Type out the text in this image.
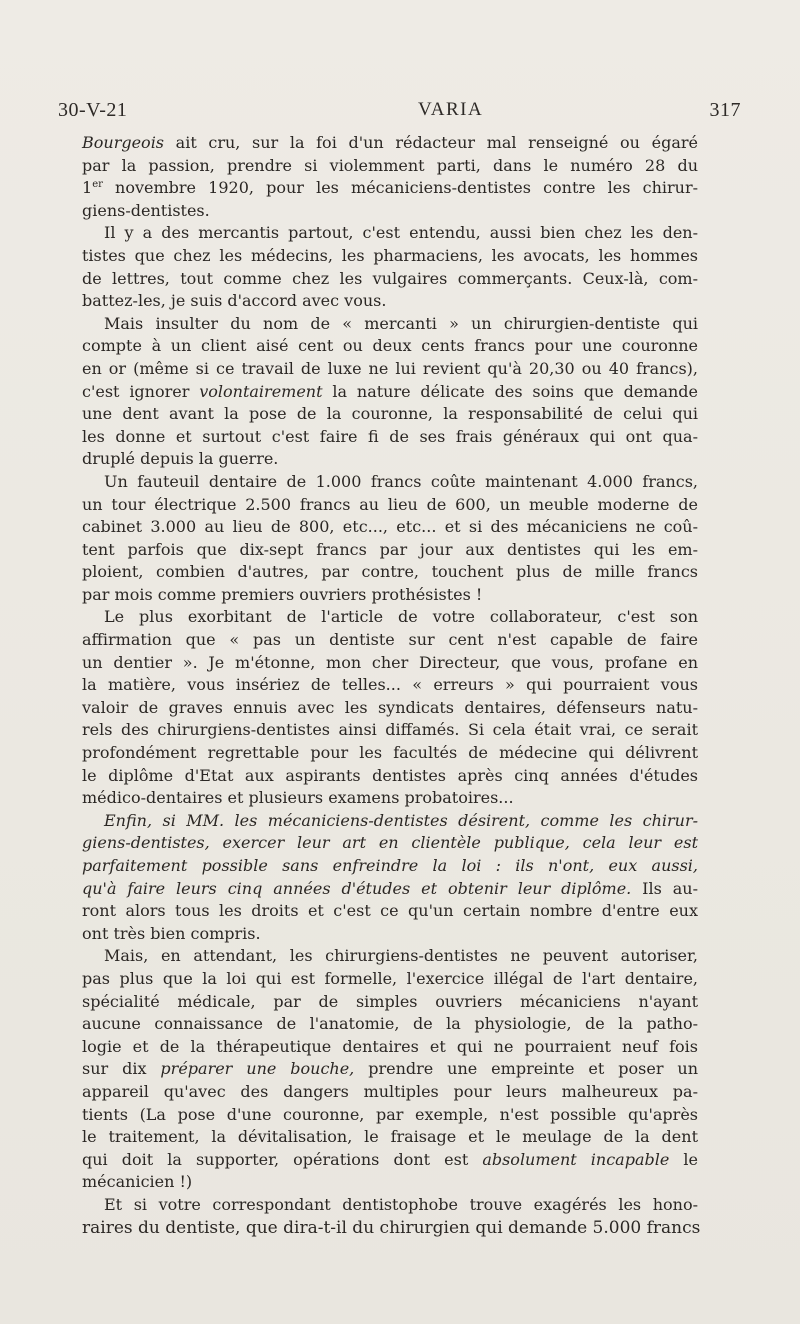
30-V-21	VARIA	317
Bourgeois ait cru, sur la foi d'un rédacteur mal renseigné ou égaré
par la passion, prendre si violemment parti, dans le numéro 28 du
1er novembre 1920, pour les mécaniciens-dentistes contre les chirur-
giens-dentistes.
Il y a des mercantis partout, c'est entendu, aussi bien chez les den-
tistes que chez les médecins, les pharmaciens, les avocats, les hommes
de lettres, tout comme chez les vulgaires commerçants. Ceux-là, com-
battez-les, je suis d'accord avec vous.
Mais insulter du nom de « mercanti » un chirurgien-dentiste qui
compte à un client aisé cent ou deux cents francs pour une couronne
en or (même si ce travail de luxe ne lui revient qu'à 20,30 ou 40 francs),
c'est ignorer volontairement la nature délicate des soins que demande
une dent avant la pose de la couronne, la responsabilité de celui qui
les donne et surtout c'est faire fi de ses frais généraux qui ont qua-
druplé depuis la guerre.
Un fauteuil dentaire de 1.000 francs coûte maintenant 4.000 francs,
un tour électrique 2.500 francs au lieu de 600, un meuble moderne de
cabinet 3.000 au lieu de 800, etc..., etc... et si des mécaniciens ne coû-
tent parfois que dix-sept francs par jour aux dentistes qui les em-
ploient, combien d'autres, par contre, touchent plus de mille francs
par mois comme premiers ouvriers prothésistes !
Le plus exorbitant de l'article de votre collaborateur, c'est son
affirmation que « pas un dentiste sur cent n'est capable de faire
un dentier ». Je m'étonne, mon cher Directeur, que vous, profane en
la matière, vous insériez de telles... « erreurs » qui pourraient vous
valoir de graves ennuis avec les syndicats dentaires, défenseurs natu-
rels des chirurgiens-dentistes ainsi diffamés. Si cela était vrai, ce serait
profondément regrettable pour les facultés de médecine qui délivrent
le diplôme d'Etat aux aspirants dentistes après cinq années d'études
médico-dentaires et plusieurs examens probatoires...
Enfin, si MM. les mécaniciens-dentistes désirent, comme les chirur-
giens-dentistes, exercer leur art en clientèle publique, cela leur est
parfaitement possible sans enfreindre la loi : ils n'ont, eux aussi,
qu'à faire leurs cinq années d'études et obtenir leur diplôme. Ils au-
ront alors tous les droits et c'est ce qu'un certain nombre d'entre eux
ont très bien compris.
Mais, en attendant, les chirurgiens-dentistes ne peuvent autoriser,
pas plus que la loi qui est formelle, l'exercice illégal de l'art dentaire,
spécialité médicale, par de simples ouvriers mécaniciens n'ayant
aucune connaissance de l'anatomie, de la physiologie, de la patho-
logie et de la thérapeutique dentaires et qui ne pourraient neuf fois
sur dix préparer une bouche, prendre une empreinte et poser un
appareil qu'avec des dangers multiples pour leurs malheureux pa-
tients (La pose d'une couronne, par exemple, n'est possible qu'après
le traitement, la dévitalisation, le fraisage et le meulage de la dent
qui doit la supporter, opérations dont est absolument incapable le
mécanicien !)
Et si votre correspondant dentistophobe trouve exagérés les hono-
raires du dentiste, que dira-t-il du chirurgien qui demande 5.000 francs
